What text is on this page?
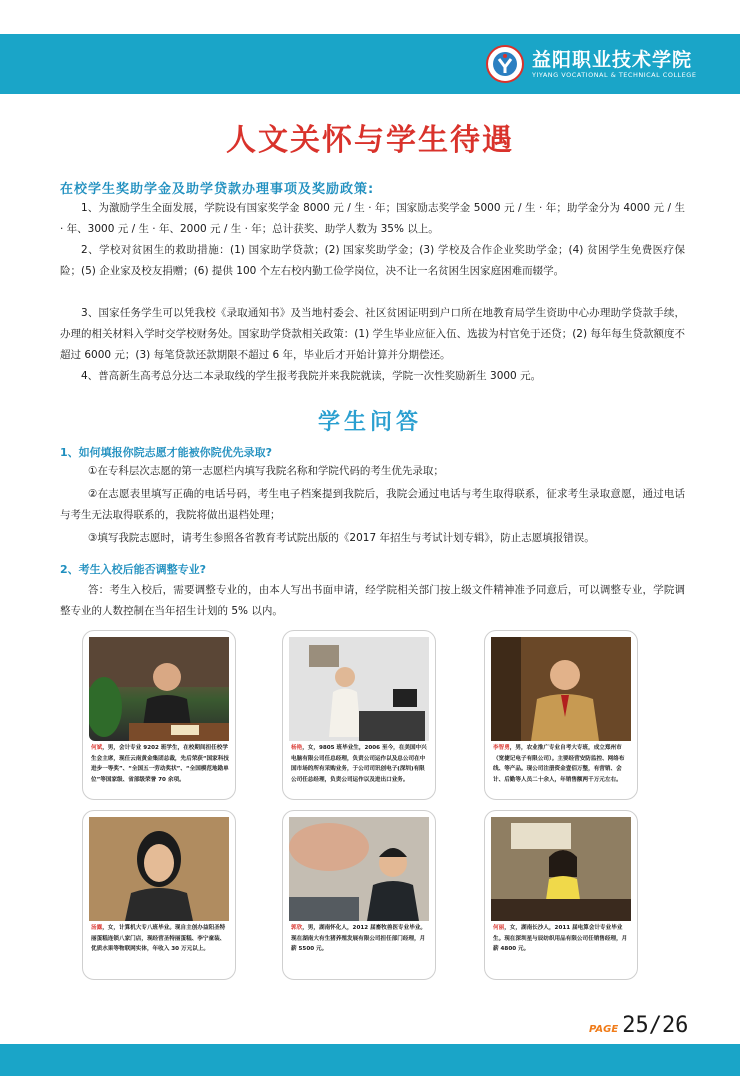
益阳职业技术学院
YIYANG VOCATIONAL & TECHNICAL COLLEGE
人文关怀与学生待遇
在校学生奖助学金及助学贷款办理事项及奖励政策:
1、为激励学生全面发展，学院设有国家奖学金 8000 元 / 生 · 年；国家励志奖学金 5000 元 / 生 · 年；助学金分为 4000 元 / 生 · 年、3000 元 / 生 · 年、2000 元 / 生 · 年；总计获奖、助学人数为 35% 以上。
2、学校对贫困生的救助措施：(1) 国家助学贷款；(2) 国家奖助学金；(3) 学校及合作企业奖助学金；(4) 贫困学生免费医疗保险；(5) 企业家及校友捐赠；(6) 提供 100 个左右校内勤工俭学岗位，决不让一名贫困生因家庭困难而辍学。
3、国家任务学生可以凭我校《录取通知书》及当地村委会、社区贫困证明到户口所在地教育局学生资助中心办理助学贷款手续，办理的相关材料入学时交学校财务处。国家助学贷款相关政策：(1) 学生毕业应征入伍、选拔为村官免于还贷；(2) 每年每生贷款额度不超过 6000 元；(3) 每笔贷款还款期限不超过 6 年，毕业后才开始计算并分期偿还。
4、普高新生高考总分达二本录取线的学生报考我院并来我院就读，学院一次性奖励新生 3000 元。
学生问答
1、如何填报你院志愿才能被你院优先录取?
①在专科层次志愿的第一志愿栏内填写我院名称和学院代码的考生优先录取；
②在志愿表里填写正确的电话号码，考生电子档案提到我院后，我院会通过电话与考生取得联系，征求考生录取意愿，通过电话与考生无法取得联系的，我院将做出退档处理；
③填写我院志愿时，请考生参照各省教育考试院出版的《2017 年招生与考试计划专辑》，防止志愿填报错误。
2、考生入校后能否调整专业?
答：考生入校后，需要调整专业的，由本人写出书面申请，经学院相关部门按上级文件精神准予同意后，可以调整专业，学院调整专业的人数控制在当年招生计划的 5% 以内。
何斌，男，会计专业 9202 班学生，在校期间担任校学生会主席，现任云南黄金集团总裁，先后荣获“国家科技进步一等奖”、“全国五一劳动奖状”、“全国模范地勘单位”等国家级、省部级荣誉 70 余项。
杨艳，女，9805 班毕业生，2006 至今，在美国中兴电脑有限公司任总经理，负责公司运作以及总公司在中国市场的所有采购业务，于公司司讯创电子(深圳)有限公司任总经理，负责公司运作以及进出口业务。
李智勇，男，农业推广专业自考大专班，成立郑州市（宽捷记电子有限公司）。主要经营安防监控、网络布线、等产品。现公司注册资金壹佰万整，有营销、会计、后勤等人员二十余人，年销售额两千万元左右。
汤露，女，计算机大专八班毕业。现自主创办益阳圣特丽蛋糕连锁八家门店，现经营圣特丽蛋糕、李宁童装、优质水果等物联网实体，年收入 30 万元以上。
郭欣，男，湖南怀化人，2012 届畜牧兽医专业毕业。现在湖南大有生猪养殖发展有限公司担任部门经理，月薪 5500 元。
何丽，女，湖南长沙人，2011 届电算会计专业毕业生。现在深圳星与辰纺织用品有限公司任销售经理，月薪 4800 元。
PAGE 25/26
